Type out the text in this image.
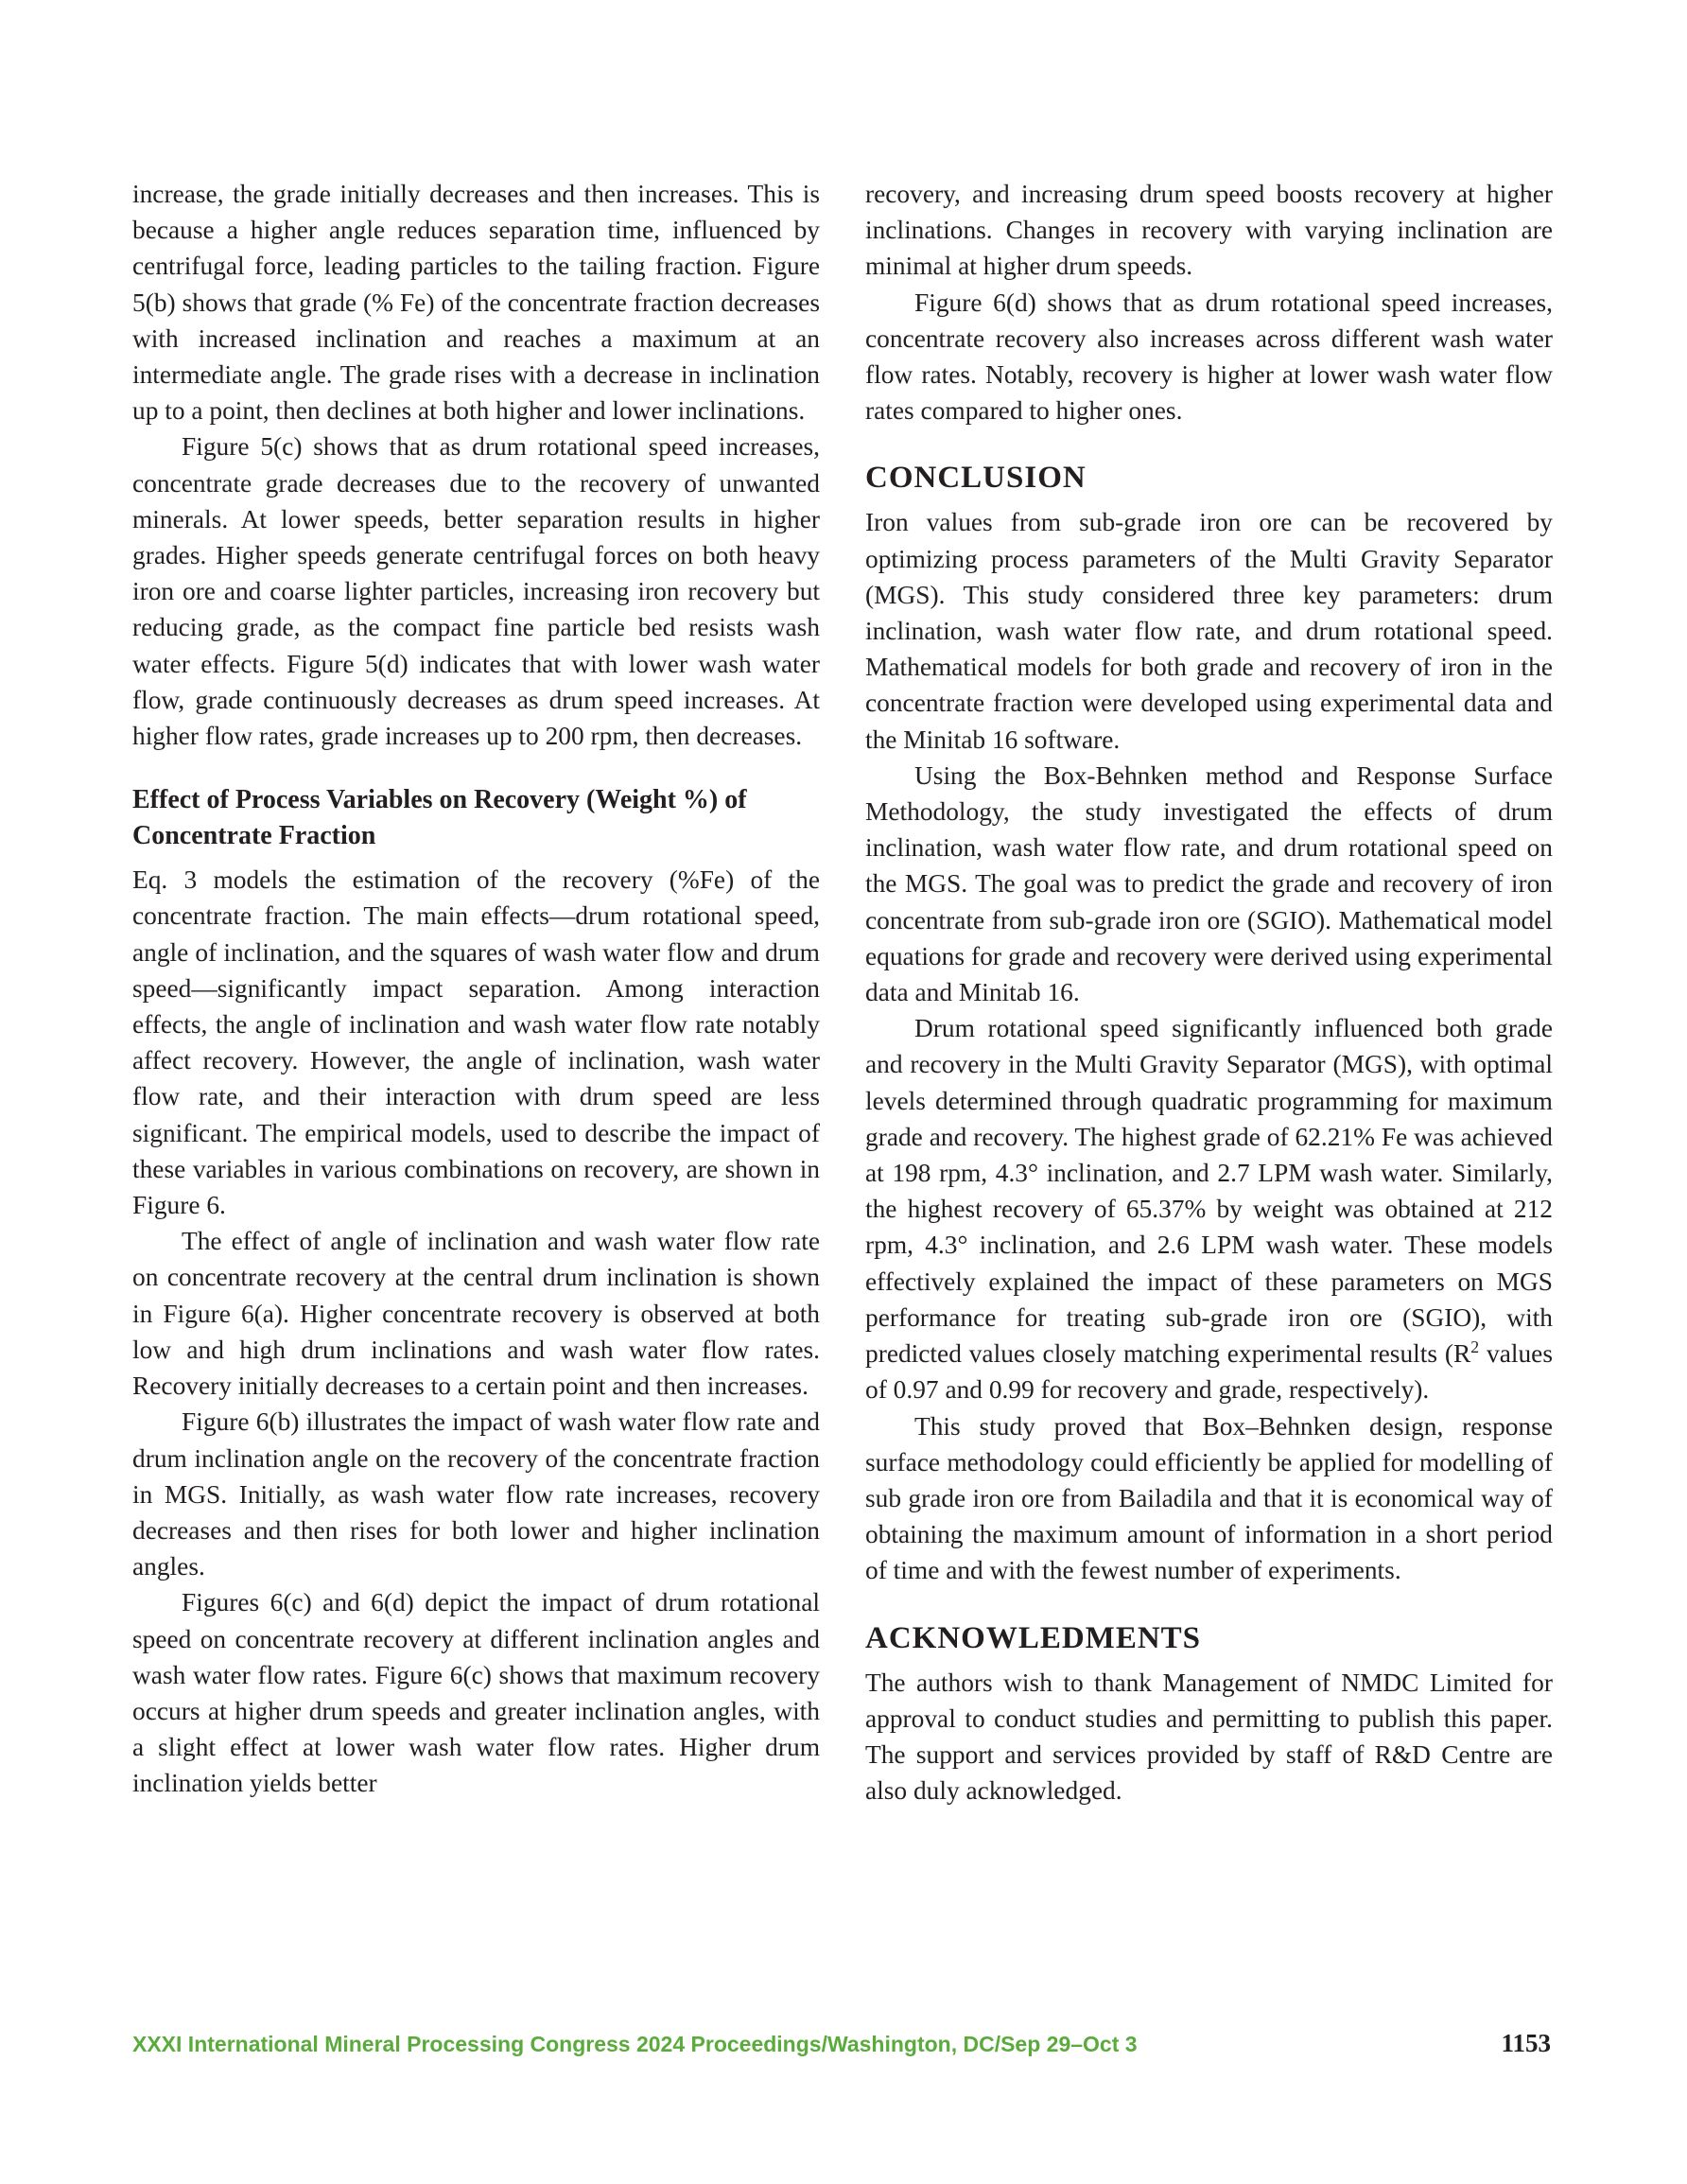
increase, the grade initially decreases and then increases. This is because a higher angle reduces separation time, influenced by centrifugal force, leading particles to the tailing fraction. Figure 5(b) shows that grade (% Fe) of the concentrate fraction decreases with increased inclination and reaches a maximum at an intermediate angle. The grade rises with a decrease in inclination up to a point, then declines at both higher and lower inclinations.

Figure 5(c) shows that as drum rotational speed increases, concentrate grade decreases due to the recovery of unwanted minerals. At lower speeds, better separation results in higher grades. Higher speeds generate centrifugal forces on both heavy iron ore and coarse lighter particles, increasing iron recovery but reducing grade, as the compact fine particle bed resists wash water effects. Figure 5(d) indicates that with lower wash water flow, grade continuously decreases as drum speed increases. At higher flow rates, grade increases up to 200 rpm, then decreases.

Effect of Process Variables on Recovery (Weight %) of Concentrate Fraction

Eq. 3 models the estimation of the recovery (%Fe) of the concentrate fraction. The main effects—drum rotational speed, angle of inclination, and the squares of wash water flow and drum speed—significantly impact separation. Among interaction effects, the angle of inclination and wash water flow rate notably affect recovery. However, the angle of inclination, wash water flow rate, and their interaction with drum speed are less significant. The empirical models, used to describe the impact of these variables in various combinations on recovery, are shown in Figure 6.

The effect of angle of inclination and wash water flow rate on concentrate recovery at the central drum inclination is shown in Figure 6(a). Higher concentrate recovery is observed at both low and high drum inclinations and wash water flow rates. Recovery initially decreases to a certain point and then increases.

Figure 6(b) illustrates the impact of wash water flow rate and drum inclination angle on the recovery of the concentrate fraction in MGS. Initially, as wash water flow rate increases, recovery decreases and then rises for both lower and higher inclination angles.

Figures 6(c) and 6(d) depict the impact of drum rotational speed on concentrate recovery at different inclination angles and wash water flow rates. Figure 6(c) shows that maximum recovery occurs at higher drum speeds and greater inclination angles, with a slight effect at lower wash water flow rates. Higher drum inclination yields better

recovery, and increasing drum speed boosts recovery at higher inclinations. Changes in recovery with varying inclination are minimal at higher drum speeds.

Figure 6(d) shows that as drum rotational speed increases, concentrate recovery also increases across different wash water flow rates. Notably, recovery is higher at lower wash water flow rates compared to higher ones.

CONCLUSION

Iron values from sub-grade iron ore can be recovered by optimizing process parameters of the Multi Gravity Separator (MGS). This study considered three key parameters: drum inclination, wash water flow rate, and drum rotational speed. Mathematical models for both grade and recovery of iron in the concentrate fraction were developed using experimental data and the Minitab 16 software.

Using the Box-Behnken method and Response Surface Methodology, the study investigated the effects of drum inclination, wash water flow rate, and drum rotational speed on the MGS. The goal was to predict the grade and recovery of iron concentrate from sub-grade iron ore (SGIO). Mathematical model equations for grade and recovery were derived using experimental data and Minitab 16.

Drum rotational speed significantly influenced both grade and recovery in the Multi Gravity Separator (MGS), with optimal levels determined through quadratic programming for maximum grade and recovery. The highest grade of 62.21% Fe was achieved at 198 rpm, 4.3° inclination, and 2.7 LPM wash water. Similarly, the highest recovery of 65.37% by weight was obtained at 212 rpm, 4.3° inclination, and 2.6 LPM wash water. These models effectively explained the impact of these parameters on MGS performance for treating sub-grade iron ore (SGIO), with predicted values closely matching experimental results ($R^2$ values of 0.97 and 0.99 for recovery and grade, respectively).

This study proved that Box–Behnken design, response surface methodology could efficiently be applied for modelling of sub grade iron ore from Bailadila and that it is economical way of obtaining the maximum amount of information in a short period of time and with the fewest number of experiments.

ACKNOWLEDMENTS

The authors wish to thank Management of NMDC Limited for approval to conduct studies and permitting to publish this paper. The support and services provided by staff of R&D Centre are also duly acknowledged.

XXXI International Mineral Processing Congress 2024 Proceedings/Washington, DC/Sep 29–Oct 3	1153
